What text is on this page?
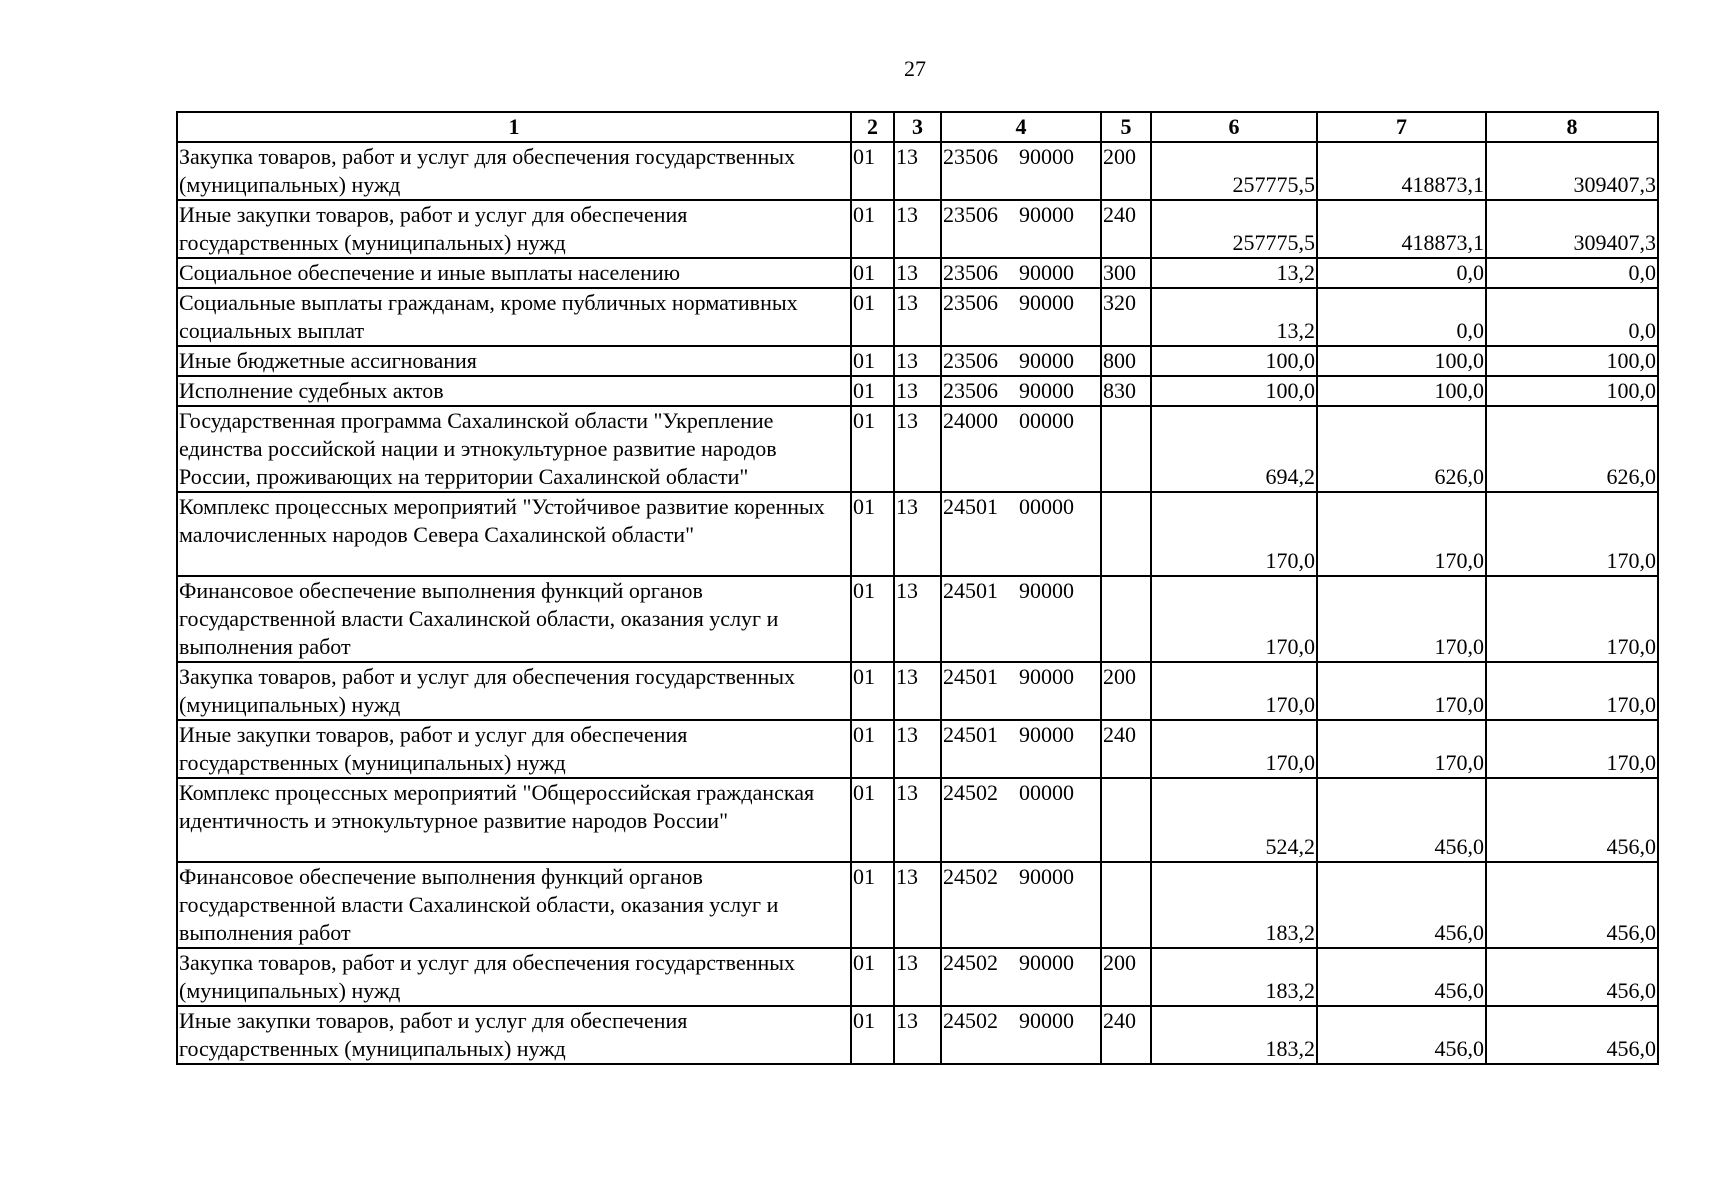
27
1	2	3	4	5	6	7	8
Закупка товаров, работ и услуг для обеспечения государственных (муниципальных) нужд	01	13	23506 90000	200	257775,5	418873,1	309407,3
Иные закупки товаров, работ и услуг для обеспечения государственных (муниципальных) нужд	01	13	23506 90000	240	257775,5	418873,1	309407,3
Социальное обеспечение и иные выплаты населению	01	13	23506 90000	300	13,2	0,0	0,0
Социальные выплаты гражданам, кроме публичных нормативных социальных выплат	01	13	23506 90000	320	13,2	0,0	0,0
Иные бюджетные ассигнования	01	13	23506 90000	800	100,0	100,0	100,0
Исполнение судебных актов	01	13	23506 90000	830	100,0	100,0	100,0
Государственная программа Сахалинской области "Укрепление единства российской нации и этнокультурное развитие народов России, проживающих на территории Сахалинской области"	01	13	24000 00000		694,2	626,0	626,0
Комплекс процессных мероприятий "Устойчивое развитие коренных малочисленных народов Севера Сахалинской области"	01	13	24501 00000		170,0	170,0	170,0
Финансовое обеспечение выполнения функций органов государственной власти Сахалинской области, оказания услуг и выполнения работ	01	13	24501 90000		170,0	170,0	170,0
Закупка товаров, работ и услуг для обеспечения государственных (муниципальных) нужд	01	13	24501 90000	200	170,0	170,0	170,0
Иные закупки товаров, работ и услуг для обеспечения государственных (муниципальных) нужд	01	13	24501 90000	240	170,0	170,0	170,0
Комплекс процессных мероприятий "Общероссийская гражданская идентичность и этнокультурное развитие народов России"	01	13	24502 00000		524,2	456,0	456,0
Финансовое обеспечение выполнения функций органов государственной власти Сахалинской области, оказания услуг и выполнения работ	01	13	24502 90000		183,2	456,0	456,0
Закупка товаров, работ и услуг для обеспечения государственных (муниципальных) нужд	01	13	24502 90000	200	183,2	456,0	456,0
Иные закупки товаров, работ и услуг для обеспечения государственных (муниципальных) нужд	01	13	24502 90000	240	183,2	456,0	456,0
